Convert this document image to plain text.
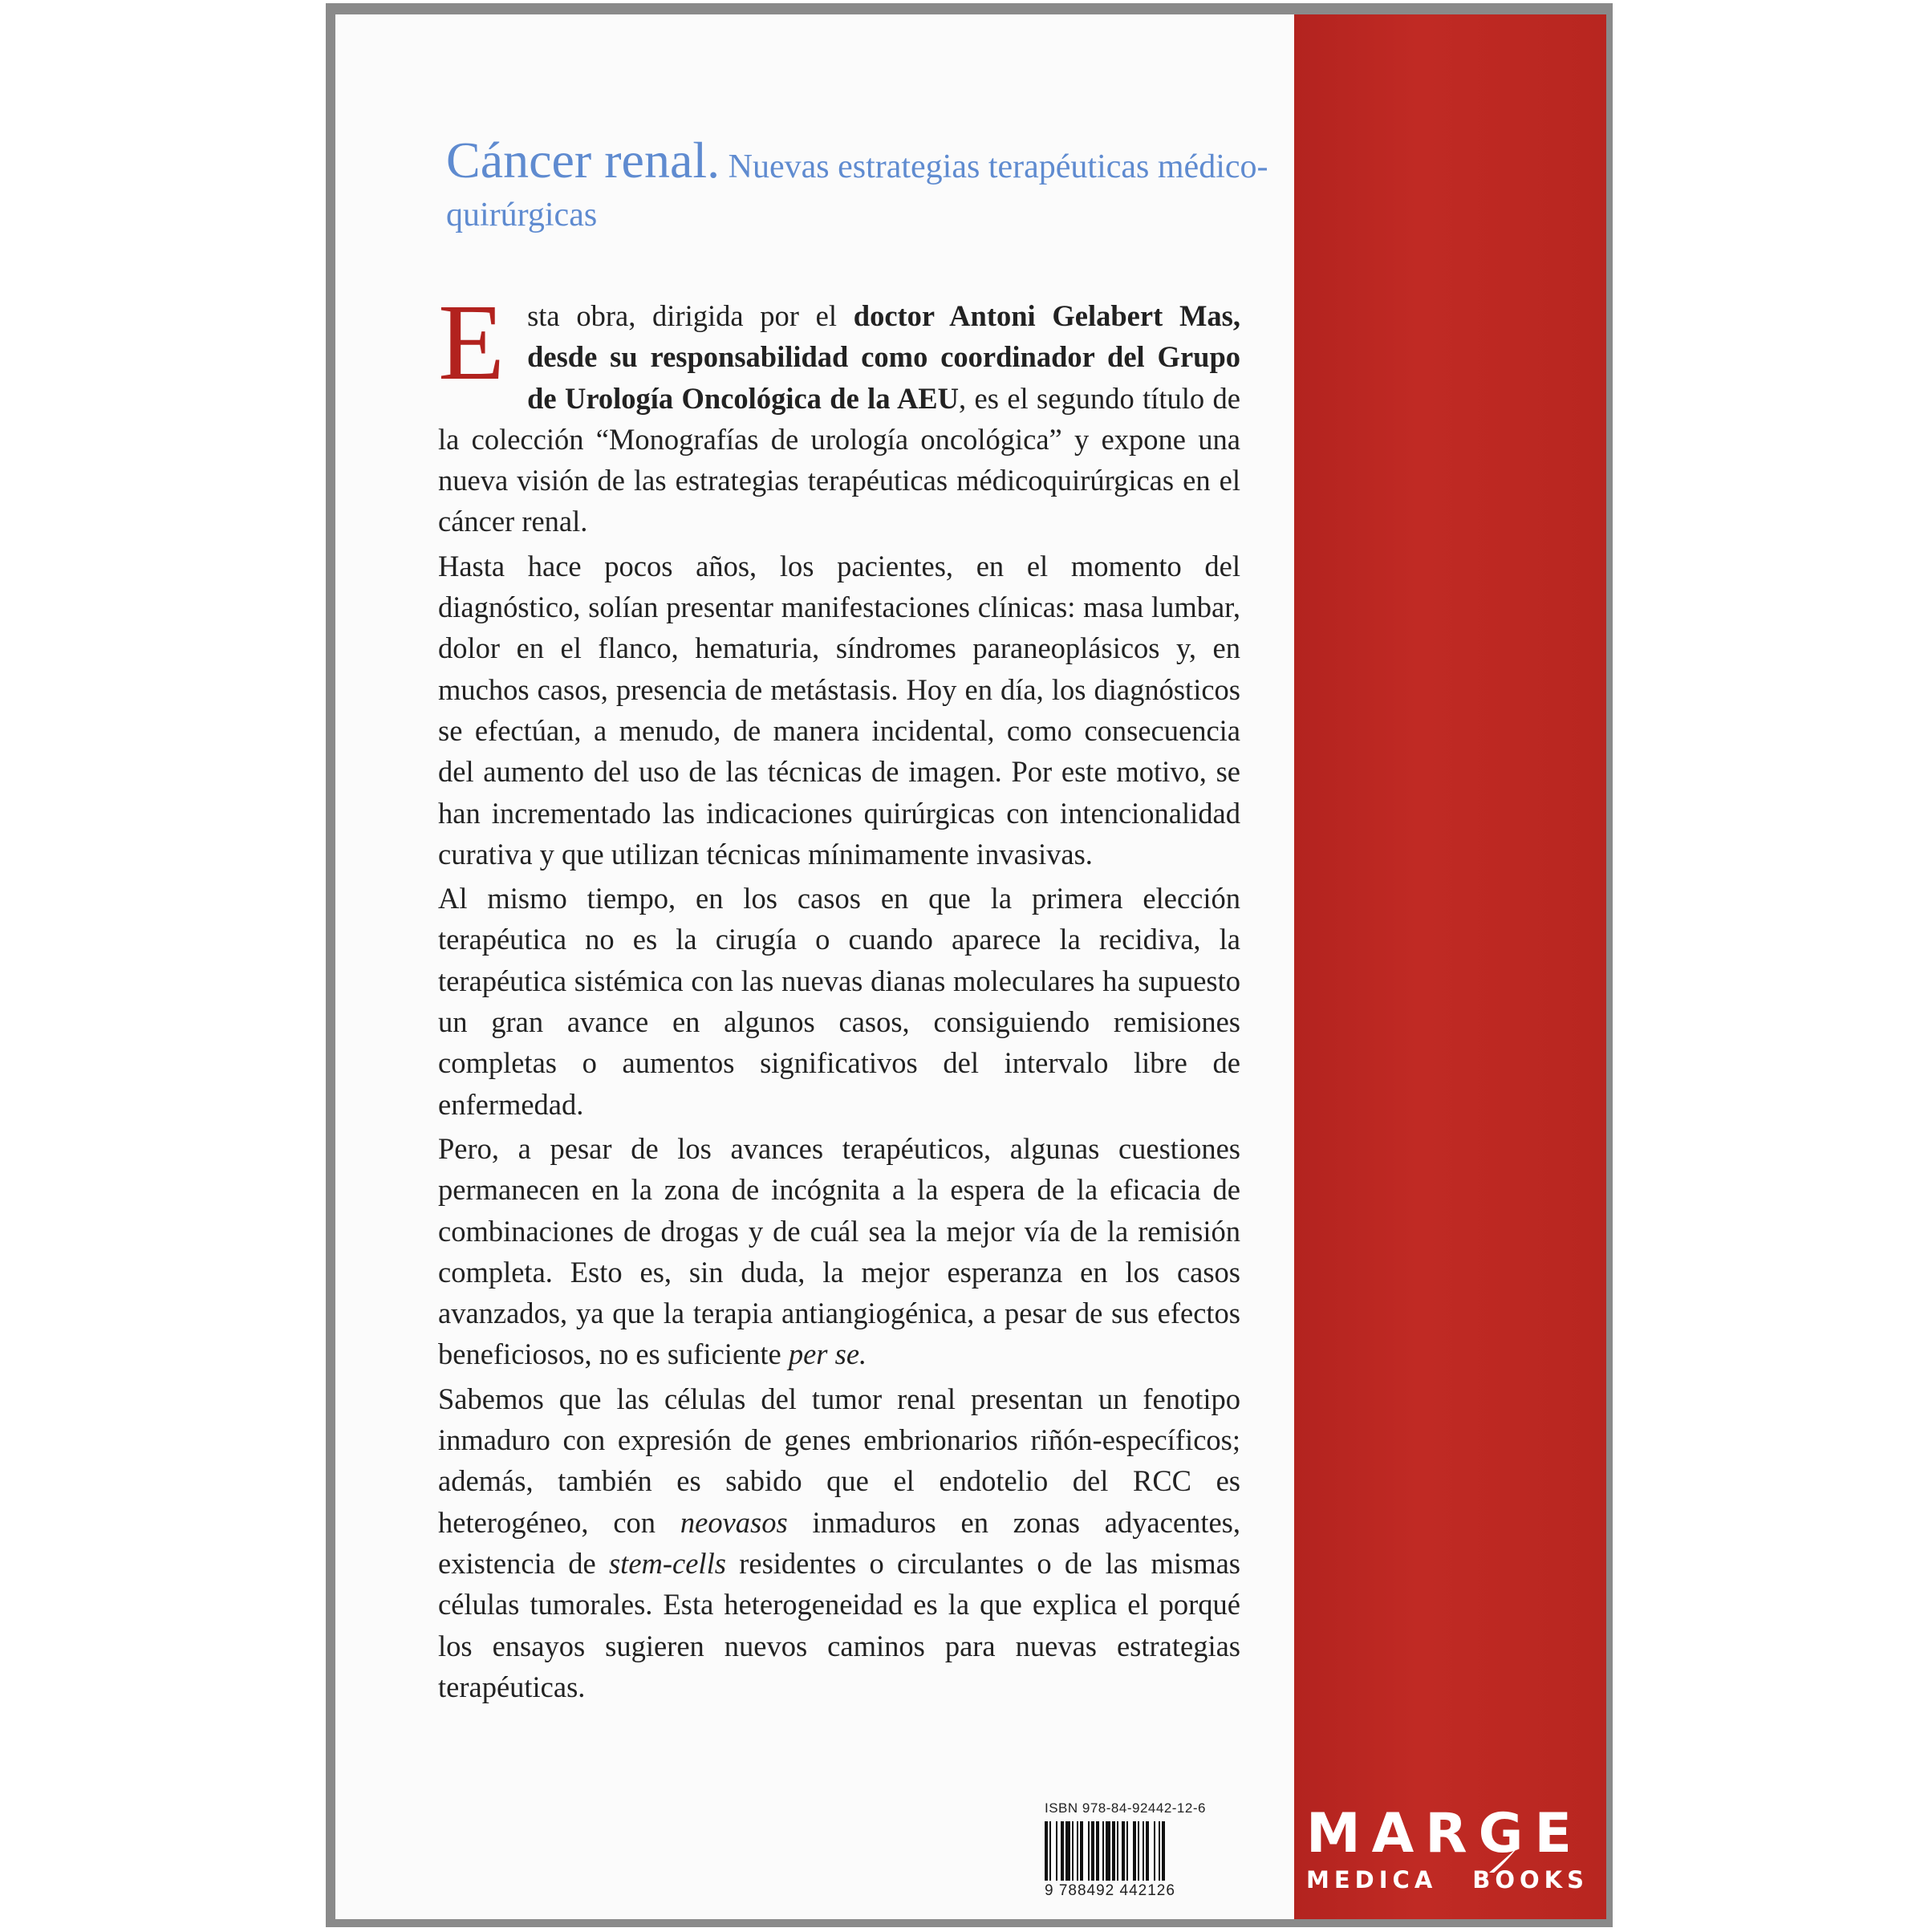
Cáncer renal. Nuevas estrategias terapéuticas médico-quirúrgicas

Esta obra, dirigida por el doctor Antoni Gelabert Mas, desde su responsabilidad como coordinador del Grupo de Urología Oncológica de la AEU, es el segundo título de la colección “Monografías de urología oncológica” y expone una nueva visión de las estrategias terapéuticas médicoquirúrgicas en el cáncer renal.

Hasta hace pocos años, los pacientes, en el momento del diagnóstico, solían presentar manifestaciones clínicas: masa lumbar, dolor en el flanco, hematuria, síndromes paraneoplásicos y, en muchos casos, presencia de metástasis. Hoy en día, los diagnósticos se efectúan, a menudo, de manera incidental, como consecuencia del aumento del uso de las técnicas de imagen. Por este motivo, se han incrementado las indicaciones quirúrgicas con intencionalidad curativa y que utilizan técnicas mínimamente invasivas.

Al mismo tiempo, en los casos en que la primera elección terapéutica no es la cirugía o cuando aparece la recidiva, la terapéutica sistémica con las nuevas dianas moleculares ha supuesto un gran avance en algunos casos, consiguiendo remisiones completas o aumentos significativos del intervalo libre de enfermedad.

Pero, a pesar de los avances terapéuticos, algunas cuestiones permanecen en la zona de incógnita a la espera de la eficacia de combinaciones de drogas y de cuál sea la mejor vía de la remisión completa. Esto es, sin duda, la mejor esperanza en los casos avanzados, ya que la terapia antiangiogénica, a pesar de sus efectos beneficiosos, no es suficiente per se.

Sabemos que las células del tumor renal presentan un fenotipo inmaduro con expresión de genes embrionarios riñón-específicos; además, también es sabido que el endotelio del RCC es heterogéneo, con neovasos inmaduros en zonas adyacentes, existencia de stem-cells residentes o circulantes o de las mismas células tumorales. Esta heterogeneidad es la que explica el porqué los ensayos sugieren nuevos caminos para nuevas estrategias terapéuticas.

ISBN 978-84-92442-12-6

9 788492 442126

MARGE

MEDICA BOOKS
